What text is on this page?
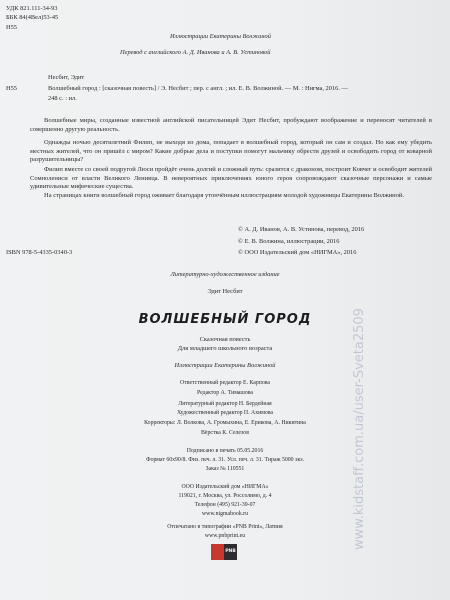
УДК 821.111-34-93
ББК 84(4Вел)53-45
Н55
Иллюстрации Екатерины Волжиной
Перевод с английского А. Д. Иванова и А. В. Устиновой
Несбит, Эдит
Н55	Волшебный город : [сказочная повесть] / Э. Несбит ; пер. с англ. ; ил. Е. В. Волжиной. — М. : Нигма, 2016. —
248 с. : ил.
Волшебные миры, созданные известной английской писательницей Эдит Несбит, пробуждают воображение и переносят читателей в совершенно другую реальность.
Однажды ночью десятилетний Филип, не выходя из дома, попадает в волшебный город, который он сам и создал. Но как ему убедить местных жителей, что он пришёл с миром? Какие добрые дела и поступки помогут мальчику обрести друзей и освободить город от коварной разрушительницы?
Филип вместе со своей подругой Люси пройдёт очень долгий и сложный путь: сразится с драконом, построит Ковчег и освободит жителей Сомнолениси от власти Великого Ленивца. В невероятных приключениях юного героя сопровождают сказочные персонажи и самые удивительные мифические существа.
На страницах книги волшебный город оживает благодаря утончённым иллюстрациям молодой художницы Екатерины Волжиной.
© А. Д. Иванов, А. В. Устинова, перевод, 2016
© Е. В. Волжина, иллюстрации, 2016
© ООО Издательский дом «НИГМА», 2016
ISBN 978-5-4335-0340-3
Литературно-художественное издание
Эдит Несбит
ВОЛШЕБНЫЙ ГОРОД
Сказочная повесть
Для младшего школьного возраста
Иллюстрации Екатерины Волжиной
Ответственный редактор Е. Карпова
Редактор А. Тимашова
Литературный редактор Н. Бердейная
Художественный редактор П. Ахимова
Корректоры: Л. Волкова, А. Громыхина, Е. Ерикова, А. Никитина
Вёрстка К. Селезов
Подписано в печать 05.05.2016
Формат 60х90/8. Физ. печ. л. 31. Усл. печ. л. 31. Тираж 5000 экз.
Заказ № 110551
ООО Издательский дом «НИГМА»
119021, г. Москва, ул. Россолимо, д. 4
Телефон (495) 921-39-07
www.nigmabook.ru
Отпечатано в типографии «PNB Print», Латвия
www.pnbprint.eu
PNB
www.kidstaff.com.ua/user-Sveta2509
